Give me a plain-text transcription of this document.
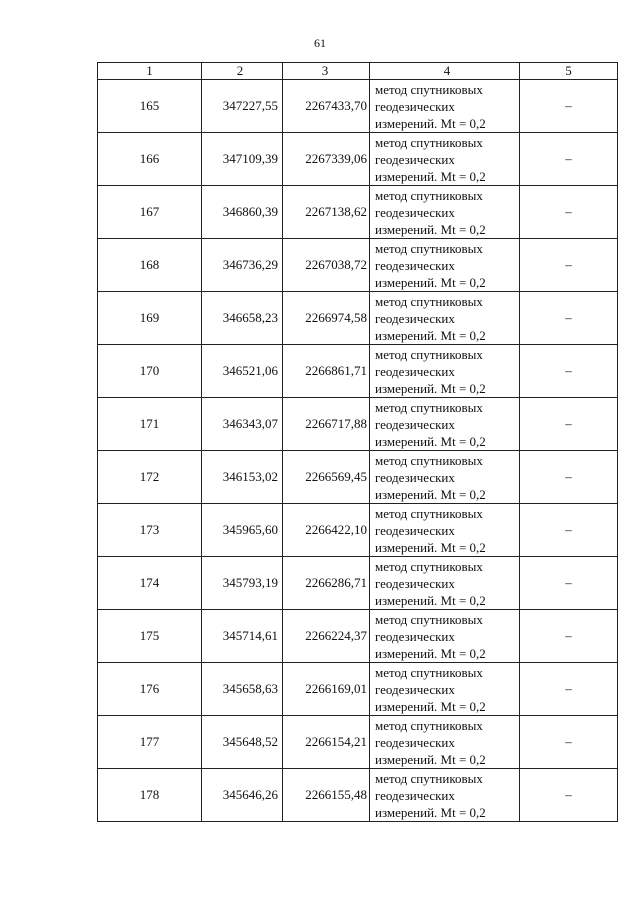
61
1	2	3	4	5
165	347227,55	2267433,70	метод спутниковых
геодезических
измерений. Mt = 0,2	–
166	347109,39	2267339,06	метод спутниковых
геодезических
измерений. Mt = 0,2	–
167	346860,39	2267138,62	метод спутниковых
геодезических
измерений. Mt = 0,2	–
168	346736,29	2267038,72	метод спутниковых
геодезических
измерений. Mt = 0,2	–
169	346658,23	2266974,58	метод спутниковых
геодезических
измерений. Mt = 0,2	–
170	346521,06	2266861,71	метод спутниковых
геодезических
измерений. Mt = 0,2	–
171	346343,07	2266717,88	метод спутниковых
геодезических
измерений. Mt = 0,2	–
172	346153,02	2266569,45	метод спутниковых
геодезических
измерений. Mt = 0,2	–
173	345965,60	2266422,10	метод спутниковых
геодезических
измерений. Mt = 0,2	–
174	345793,19	2266286,71	метод спутниковых
геодезических
измерений. Mt = 0,2	–
175	345714,61	2266224,37	метод спутниковых
геодезических
измерений. Mt = 0,2	–
176	345658,63	2266169,01	метод спутниковых
геодезических
измерений. Mt = 0,2	–
177	345648,52	2266154,21	метод спутниковых
геодезических
измерений. Mt = 0,2	–
178	345646,26	2266155,48	метод спутниковых
геодезических
измерений. Mt = 0,2	–
